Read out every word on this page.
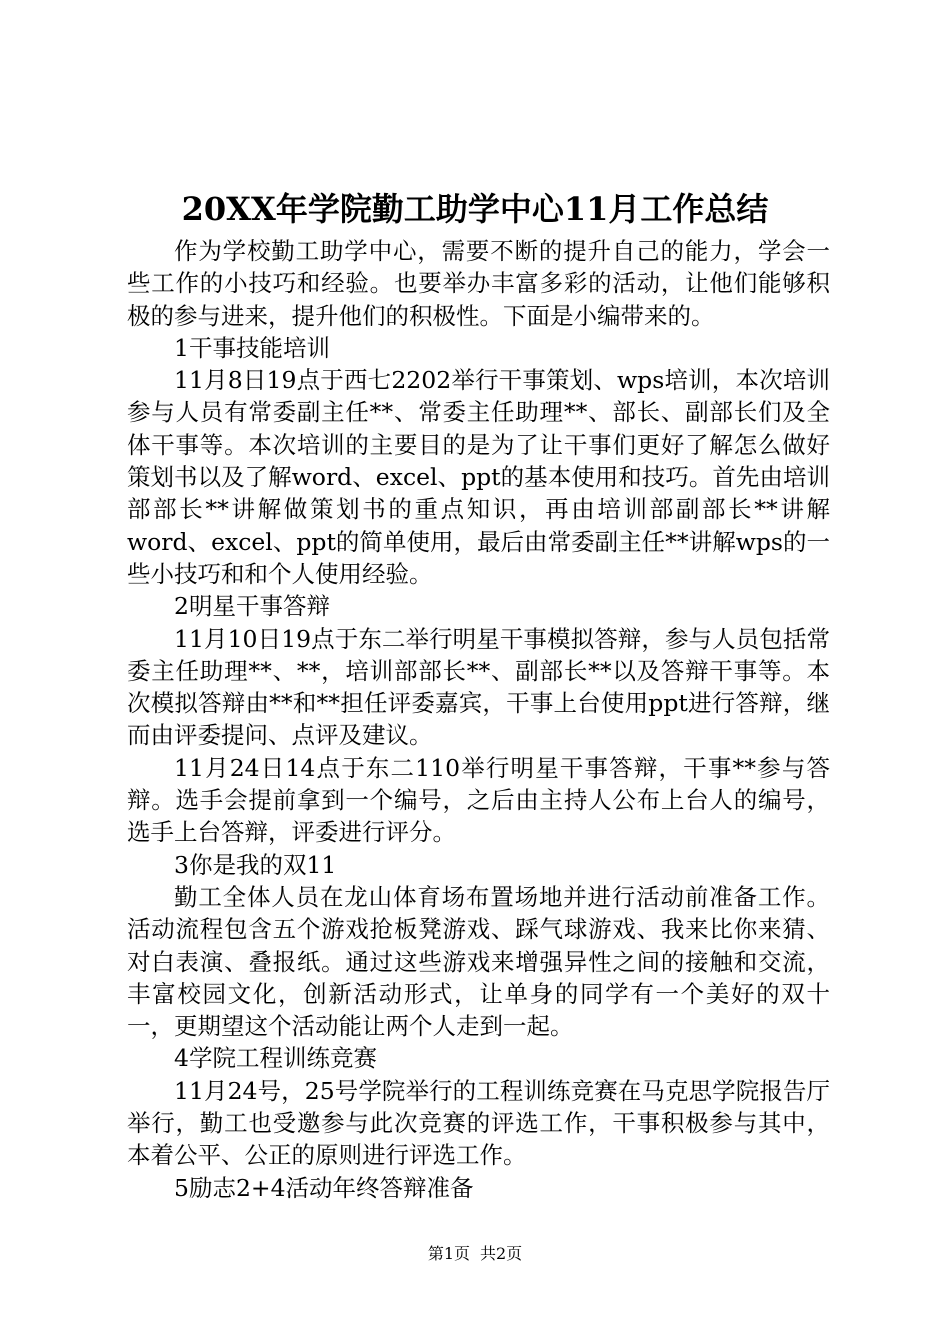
20XX年学院勤工助学中心11月工作总结

作为学校勤工助学中心，需要不断的提升自己的能力，学会一些工作的小技巧和经验。也要举办丰富多彩的活动，让他们能够积极的参与进来，提升他们的积极性。下面是小编带来的。

1干事技能培训

11月8日19点于西七2202举行干事策划、wps培训，本次培训参与人员有常委副主任**、常委主任助理**、部长、副部长们及全体干事等。本次培训的主要目的是为了让干事们更好了解怎么做好策划书以及了解word、excel、ppt的基本使用和技巧。首先由培训部部长**讲解做策划书的重点知识，再由培训部副部长**讲解word、excel、ppt的简单使用，最后由常委副主任**讲解wps的一些小技巧和和个人使用经验。

2明星干事答辩

11月10日19点于东二举行明星干事模拟答辩，参与人员包括常委主任助理**、**，培训部部长**、副部长**以及答辩干事等。本次模拟答辩由**和**担任评委嘉宾，干事上台使用ppt进行答辩，继而由评委提问、点评及建议。

11月24日14点于东二110举行明星干事答辩，干事**参与答辩。选手会提前拿到一个编号，之后由主持人公布上台人的编号，选手上台答辩，评委进行评分。

3你是我的双11

勤工全体人员在龙山体育场布置场地并进行活动前准备工作。活动流程包含五个游戏抢板凳游戏、踩气球游戏、我来比你来猜、对白表演、叠报纸。通过这些游戏来增强异性之间的接触和交流，丰富校园文化，创新活动形式，让单身的同学有一个美好的双十一，更期望这个活动能让两个人走到一起。

4学院工程训练竞赛

11月24号，25号学院举行的工程训练竞赛在马克思学院报告厅举行，勤工也受邀参与此次竞赛的评选工作，干事积极参与其中，本着公平、公正的原则进行评选工作。

5励志2+4活动年终答辩准备

第1页 共2页
